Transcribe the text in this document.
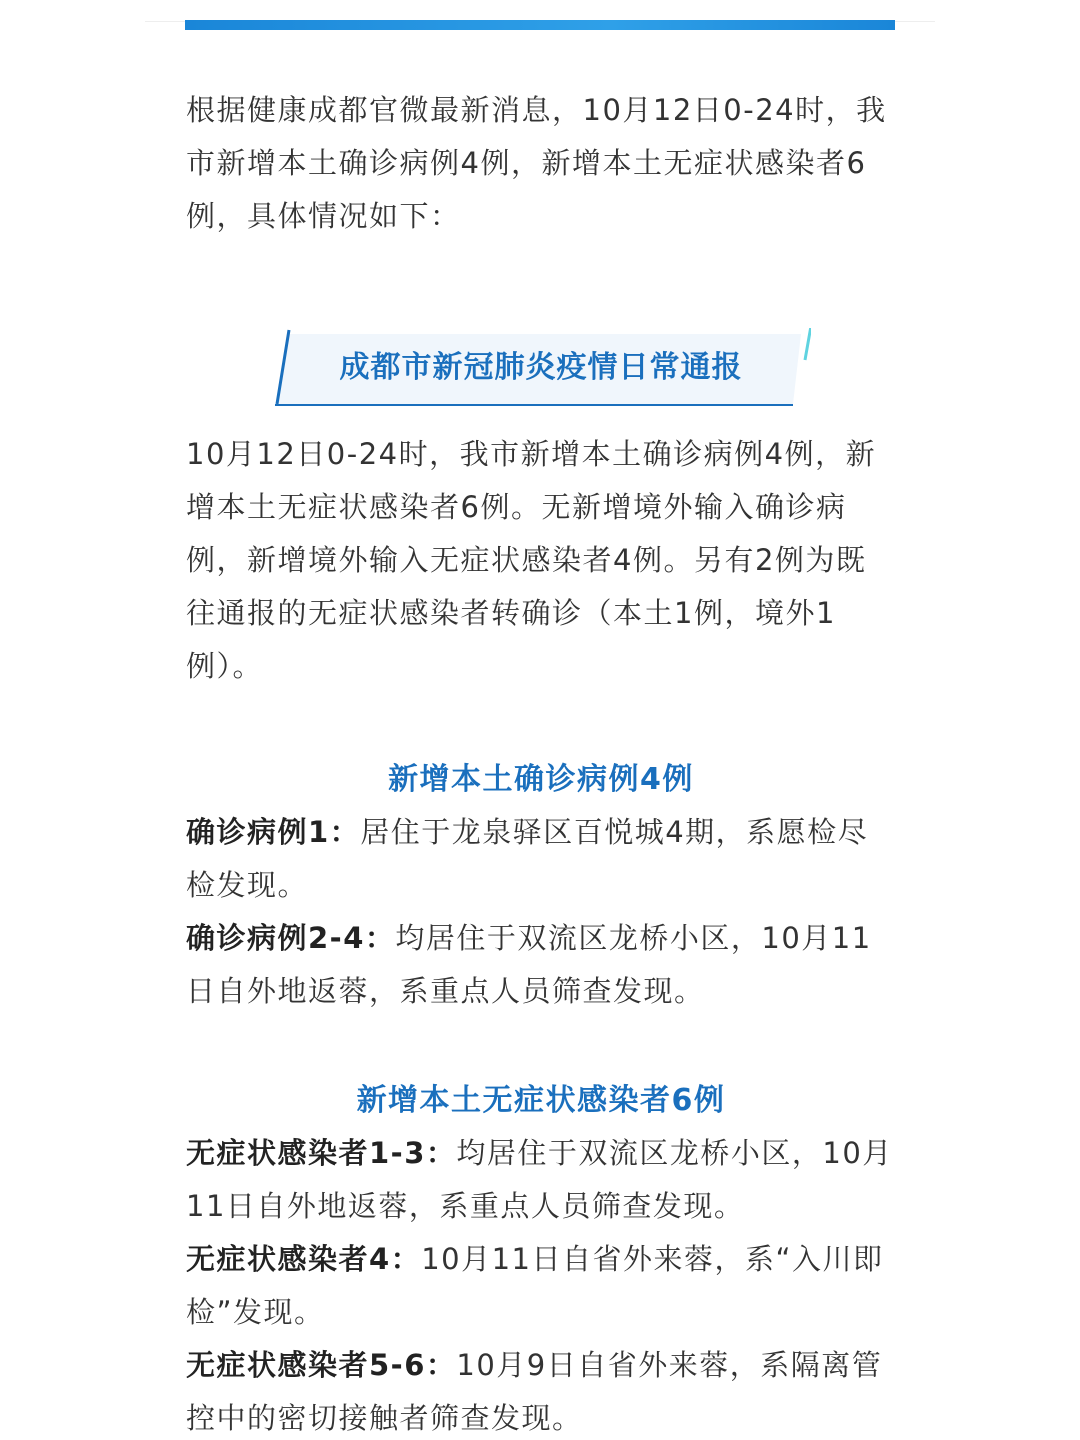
根据健康成都官微最新消息，10月12日0-24时，我市新增本土确诊病例4例，新增本土无症状感染者6例，具体情况如下：

成都市新冠肺炎疫情日常通报

10月12日0-24时，我市新增本土确诊病例4例，新增本土无症状感染者6例。无新增境外输入确诊病例，新增境外输入无症状感染者4例。另有2例为既往通报的无症状感染者转确诊（本土1例，境外1例）。

新增本土确诊病例4例

确诊病例1：居住于龙泉驿区百悦城4期，系愿检尽检发现。

确诊病例2-4：均居住于双流区龙桥小区，10月11日自外地返蓉，系重点人员筛查发现。

新增本土无症状感染者6例

无症状感染者1-3：均居住于双流区龙桥小区，10月11日自外地返蓉，系重点人员筛查发现。

无症状感染者4：10月11日自省外来蓉，系“入川即检”发现。

无症状感染者5-6：10月9日自省外来蓉，系隔离管控中的密切接触者筛查发现。
